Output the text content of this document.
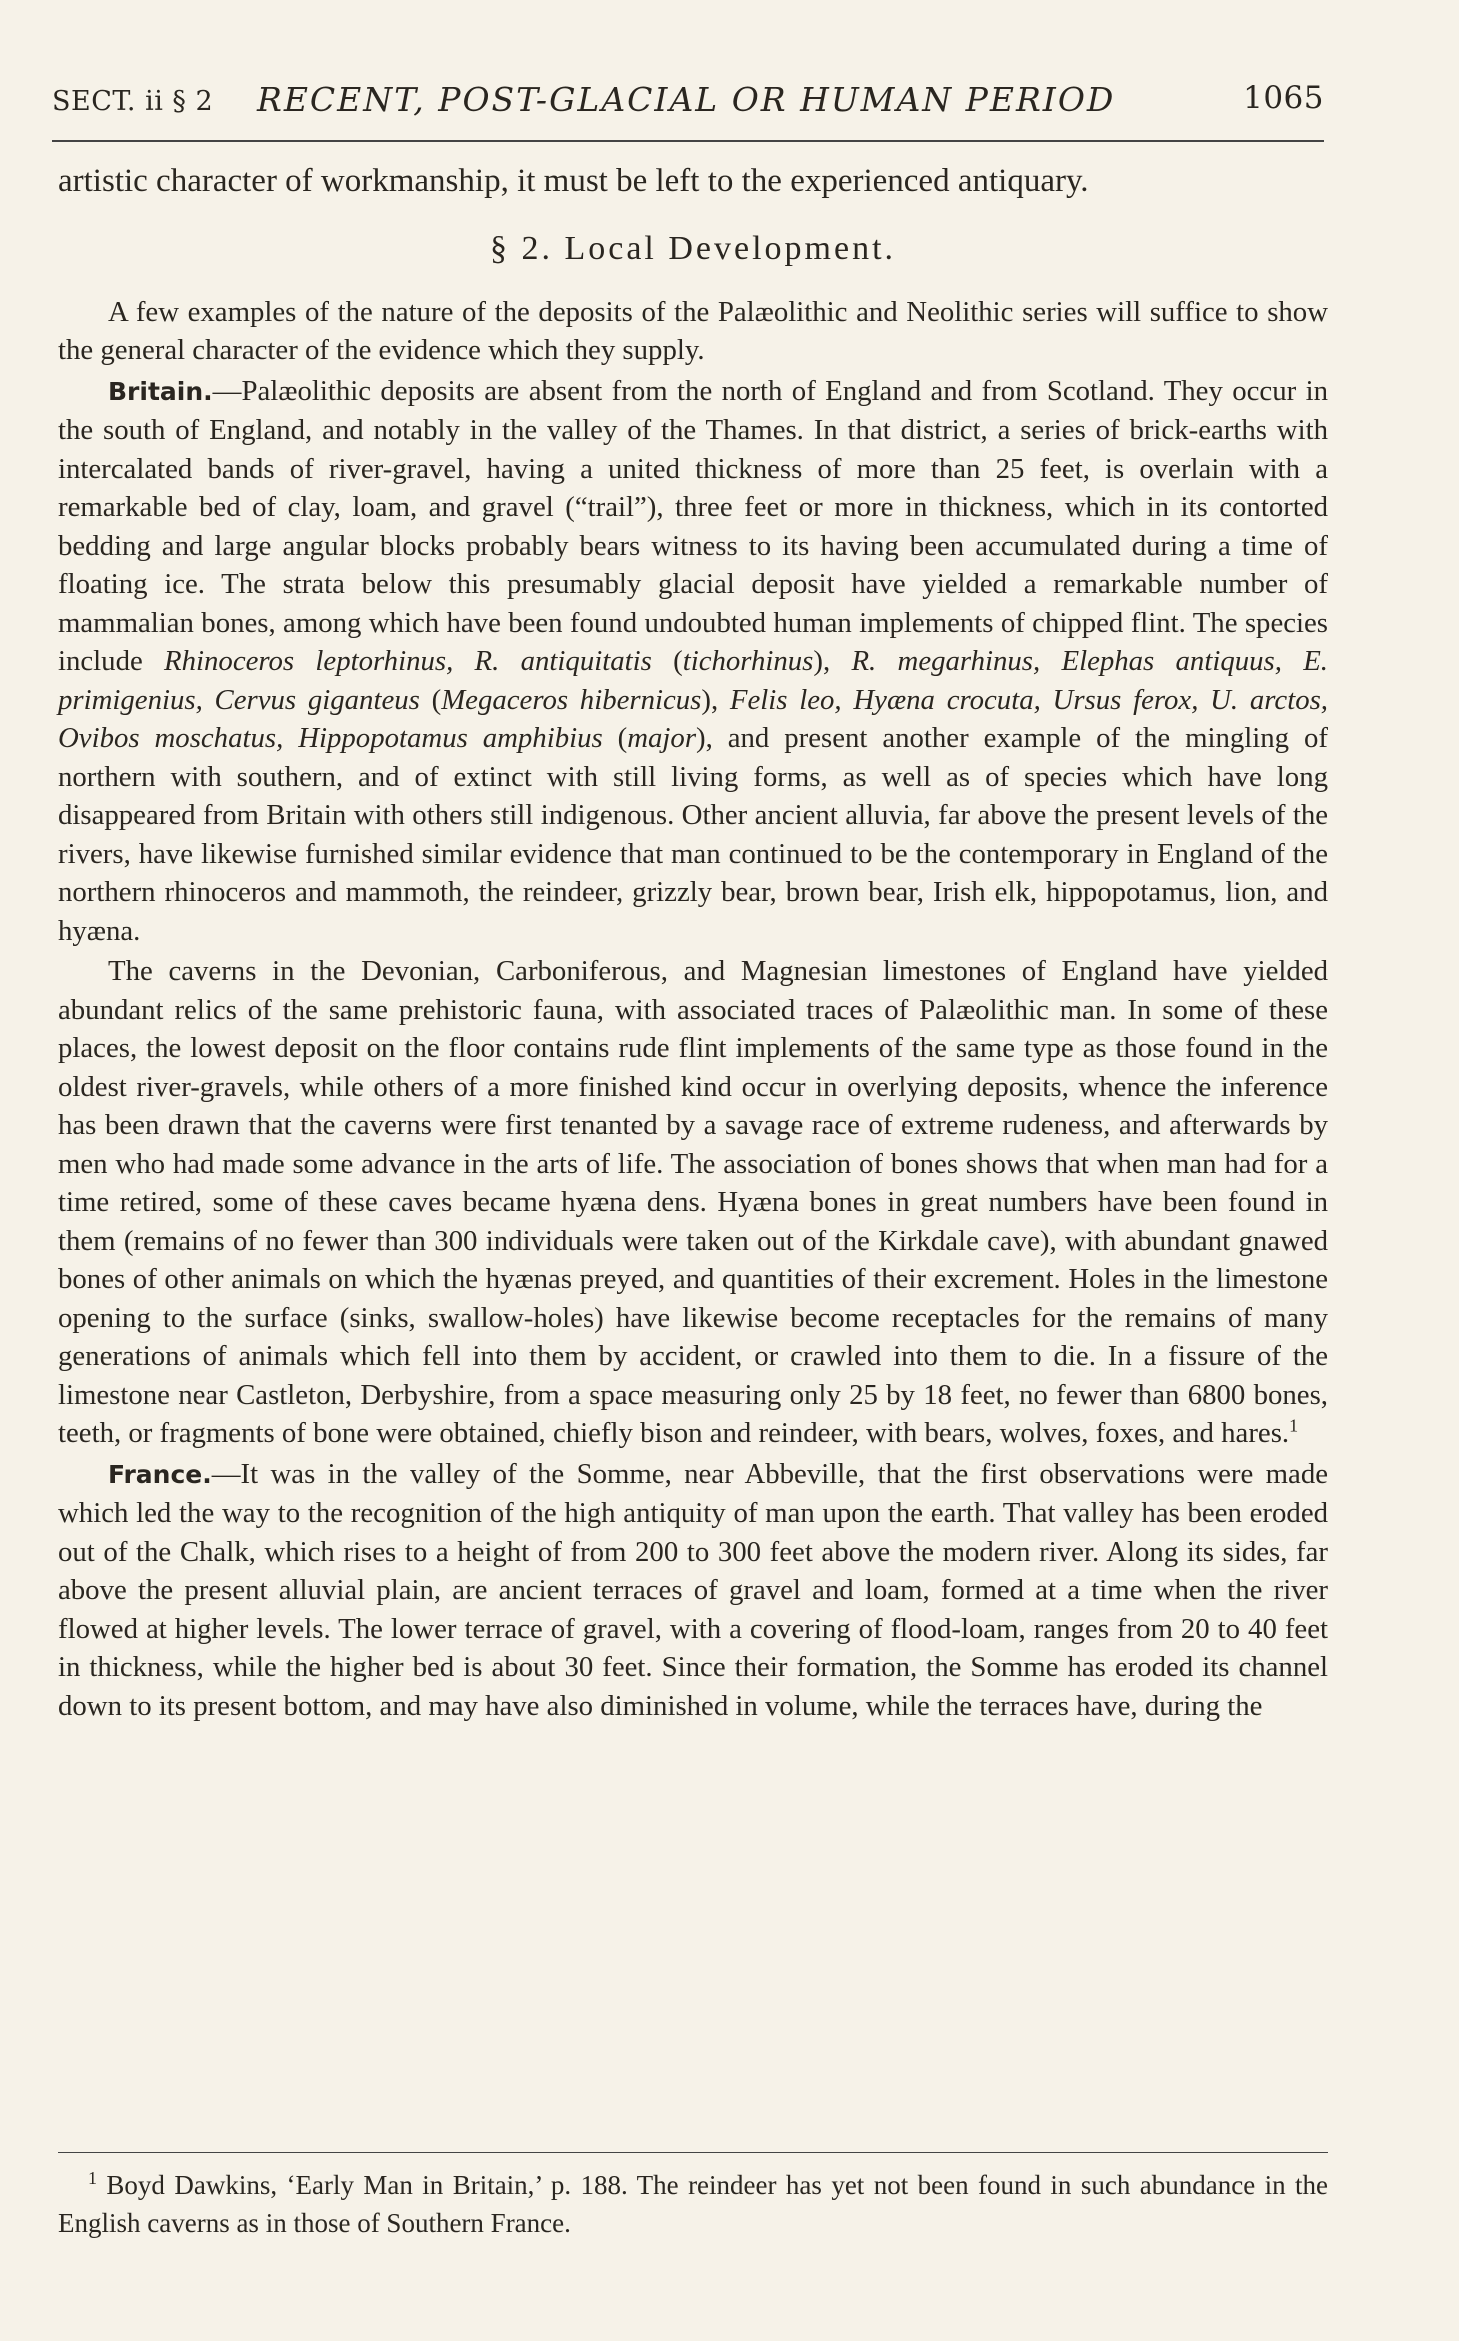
SECT. ii § 2 RECENT, POST-GLACIAL OR HUMAN PERIOD	1065

artistic character of workmanship, it must be left to the experienced antiquary.

§ 2. Local Development.

A few examples of the nature of the deposits of the Palæolithic and Neolithic series will suffice to show the general character of the evidence which they supply.

Britain.—Palæolithic deposits are absent from the north of England and from Scotland. They occur in the south of England, and notably in the valley of the Thames. In that district, a series of brick-earths with intercalated bands of river-gravel, having a united thickness of more than 25 feet, is overlain with a remarkable bed of clay, loam, and gravel (“trail”), three feet or more in thickness, which in its contorted bedding and large angular blocks probably bears witness to its having been accumulated during a time of floating ice. The strata below this presumably glacial deposit have yielded a remarkable number of mammalian bones, among which have been found undoubted human implements of chipped flint. The species include Rhinoceros leptorhinus, R. antiquitatis (tichorhinus), R. megarhinus, Elephas antiquus, E. primigenius, Cervus giganteus (Megaceros hibernicus), Felis leo, Hyæna crocuta, Ursus ferox, U. arctos, Ovibos moschatus, Hippopotamus amphibius (major), and present another example of the mingling of northern with southern, and of extinct with still living forms, as well as of species which have long disappeared from Britain with others still indigenous. Other ancient alluvia, far above the present levels of the rivers, have likewise furnished similar evidence that man continued to be the contemporary in England of the northern rhinoceros and mammoth, the reindeer, grizzly bear, brown bear, Irish elk, hippopotamus, lion, and hyæna.

The caverns in the Devonian, Carboniferous, and Magnesian limestones of England have yielded abundant relics of the same prehistoric fauna, with associated traces of Palæolithic man. In some of these places, the lowest deposit on the floor contains rude flint implements of the same type as those found in the oldest river-gravels, while others of a more finished kind occur in overlying deposits, whence the inference has been drawn that the caverns were first tenanted by a savage race of extreme rudeness, and afterwards by men who had made some advance in the arts of life. The association of bones shows that when man had for a time retired, some of these caves became hyæna dens. Hyæna bones in great numbers have been found in them (remains of no fewer than 300 individuals were taken out of the Kirkdale cave), with abundant gnawed bones of other animals on which the hyænas preyed, and quantities of their excrement. Holes in the limestone opening to the surface (sinks, swallow-holes) have likewise become receptacles for the remains of many generations of animals which fell into them by accident, or crawled into them to die. In a fissure of the limestone near Castleton, Derbyshire, from a space measuring only 25 by 18 feet, no fewer than 6800 bones, teeth, or fragments of bone were obtained, chiefly bison and reindeer, with bears, wolves, foxes, and hares.$^1$

France.—It was in the valley of the Somme, near Abbeville, that the first observations were made which led the way to the recognition of the high antiquity of man upon the earth. That valley has been eroded out of the Chalk, which rises to a height of from 200 to 300 feet above the modern river. Along its sides, far above the present alluvial plain, are ancient terraces of gravel and loam, formed at a time when the river flowed at higher levels. The lower terrace of gravel, with a covering of flood-loam, ranges from 20 to 40 feet in thickness, while the higher bed is about 30 feet. Since their formation, the Somme has eroded its channel down to its present bottom, and may have also diminished in volume, while the terraces have, during the

$^1$ Boyd Dawkins, ‘Early Man in Britain,’ p. 188. The reindeer has yet not been found in such abundance in the English caverns as in those of Southern France.
